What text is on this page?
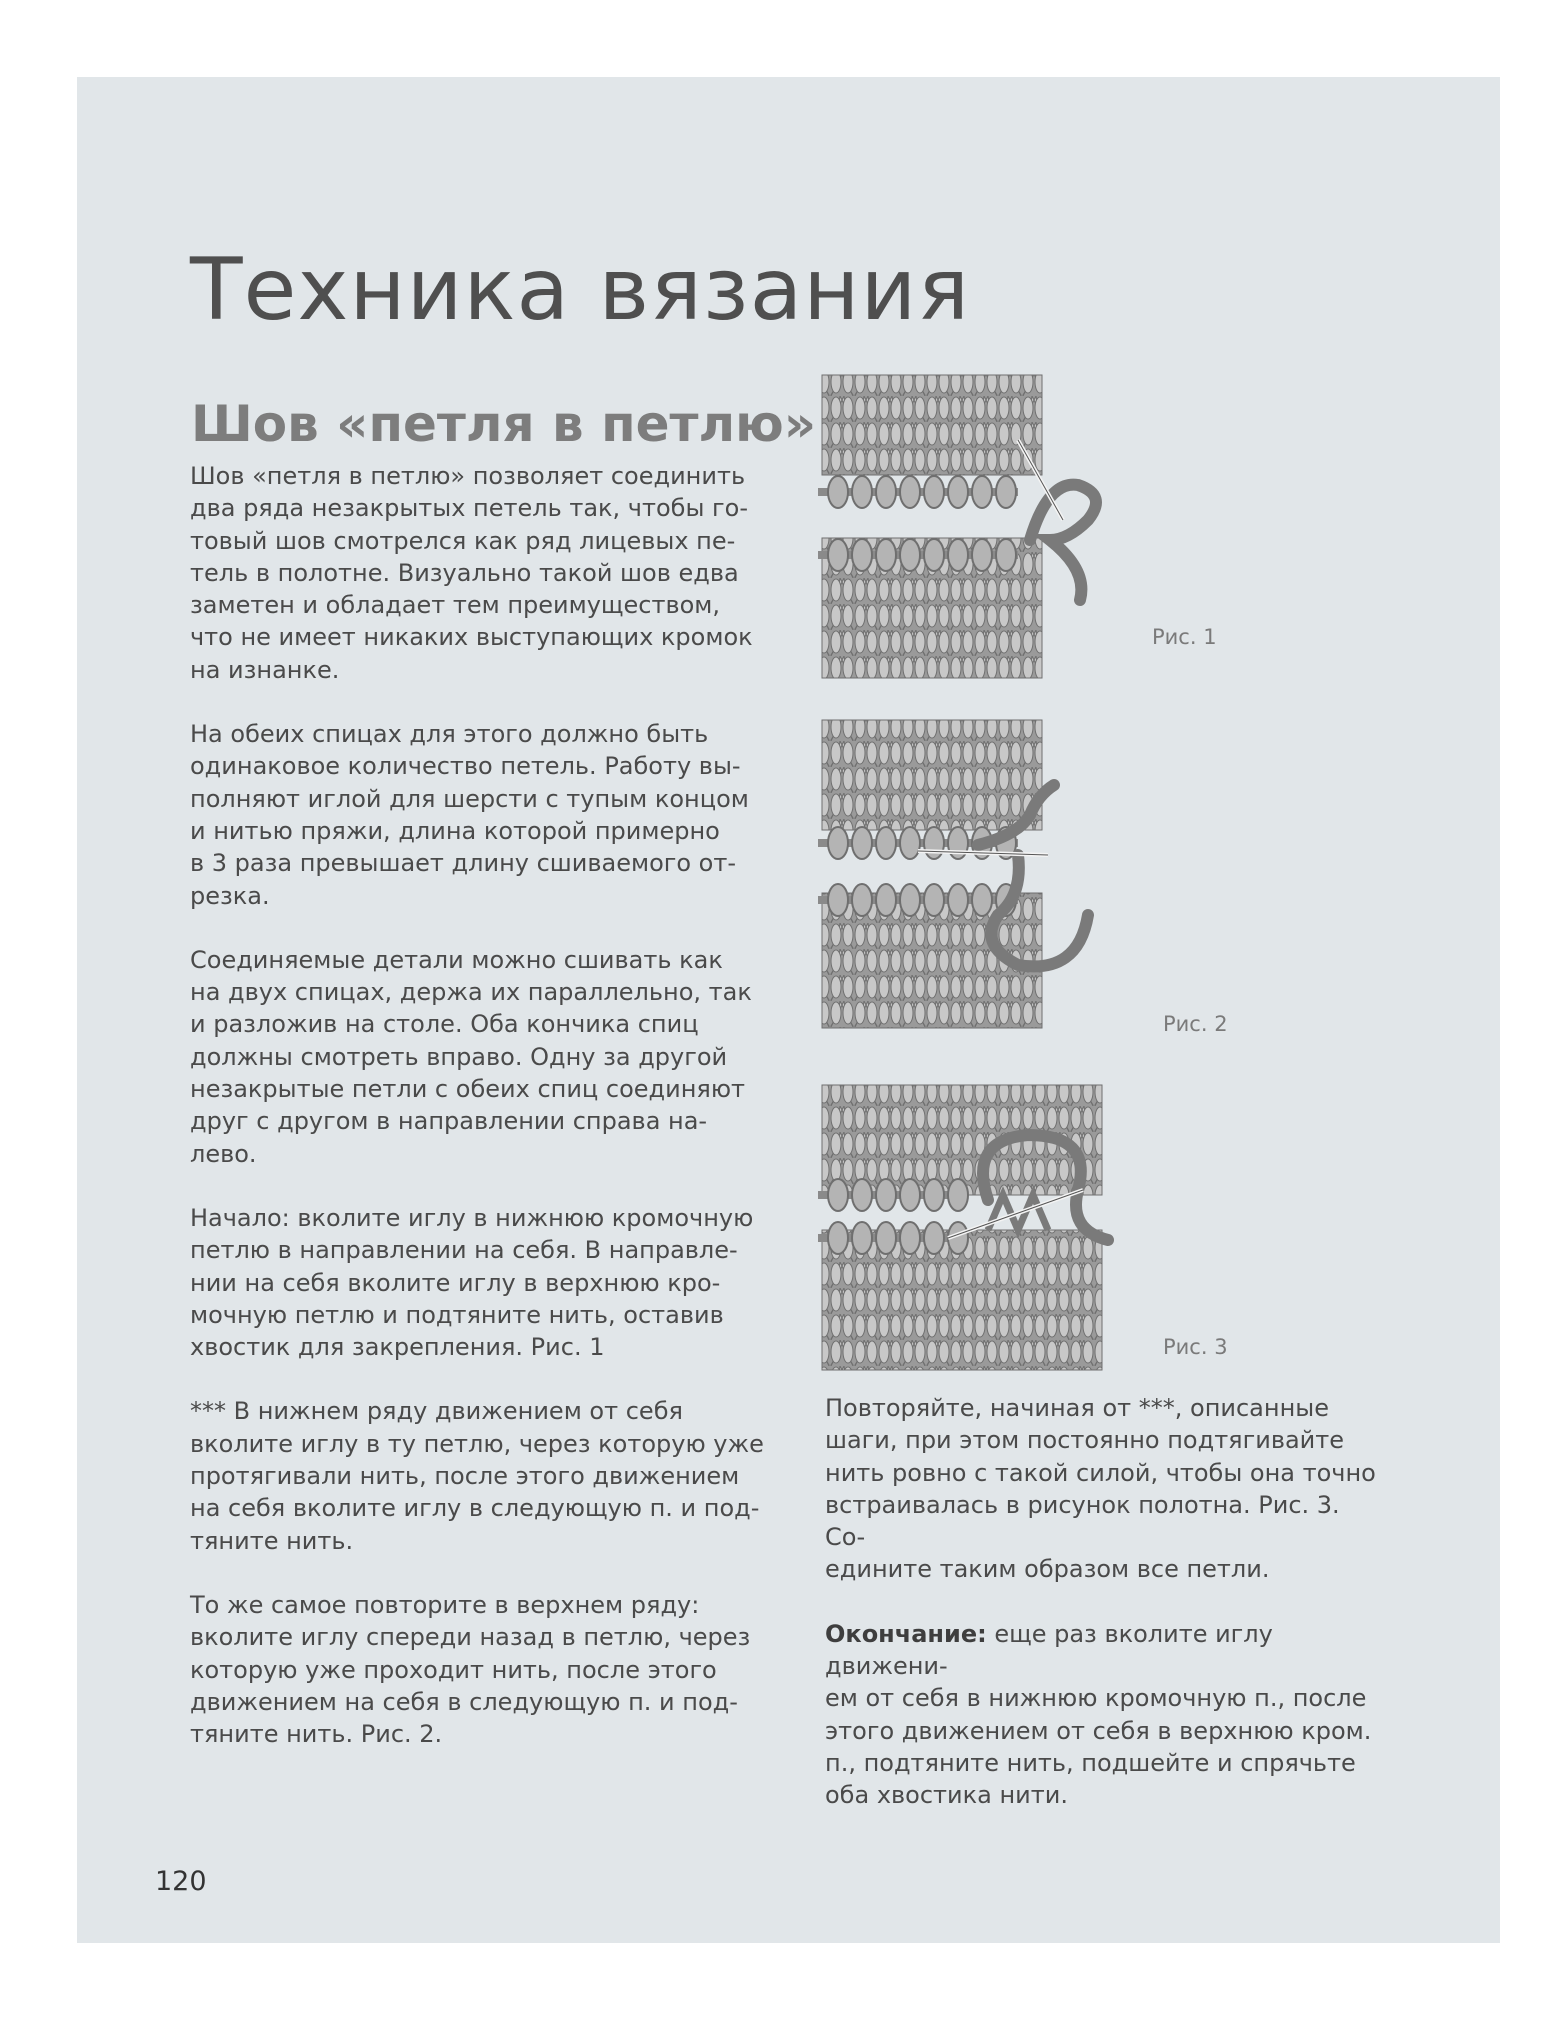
Техника вязания
Шов «петля в петлю»

Шов «петля в петлю» позволяет соединить
два ряда незакрытых петель так, чтобы го-
товый шов смотрелся как ряд лицевых пе-
тель в полотне. Визуально такой шов едва
заметен и обладает тем преимуществом,
что не имеет никаких выступающих кромок
на изнанке.

На обеих спицах для этого должно быть
одинаковое количество петель. Работу вы-
полняют иглой для шерсти с тупым концом
и нитью пряжи, длина которой примерно
в 3 раза превышает длину сшиваемого от-
резка.

Соединяемые детали можно сшивать как
на двух спицах, держа их параллельно, так
и разложив на столе. Оба кончика спиц
должны смотреть вправо. Одну за другой
незакрытые петли с обеих спиц соединяют
друг с другом в направлении справа на-
лево.

Начало: вколите иглу в нижнюю кромочную
петлю в направлении на себя. В направле-
нии на себя вколите иглу в верхнюю кро-
мочную петлю и подтяните нить, оставив
хвостик для закрепления. Рис. 1

*** В нижнем ряду движением от себя
вколите иглу в ту петлю, через которую уже
протягивали нить, после этого движением
на себя вколите иглу в следующую п. и под-
тяните нить.

То же самое повторите в верхнем ряду:
вколите иглу спереди назад в петлю, через
которую уже проходит нить, после этого
движением на себя в следующую п. и под-
тяните нить. Рис. 2.

Повторяйте, начиная от ***, описанные
шаги, при этом постоянно подтягивайте
нить ровно с такой силой, чтобы она точно
встраивалась в рисунок полотна. Рис. 3. Со-
едините таким образом все петли.

Окончание: еще раз вколите иглу движени-
ем от себя в нижнюю кромочную п., после
этого движением от себя в верхнюю кром.
п., подтяните нить, подшейте и спрячьте
оба хвостика нити.

Рис. 1
Рис. 2
Рис. 3
120
